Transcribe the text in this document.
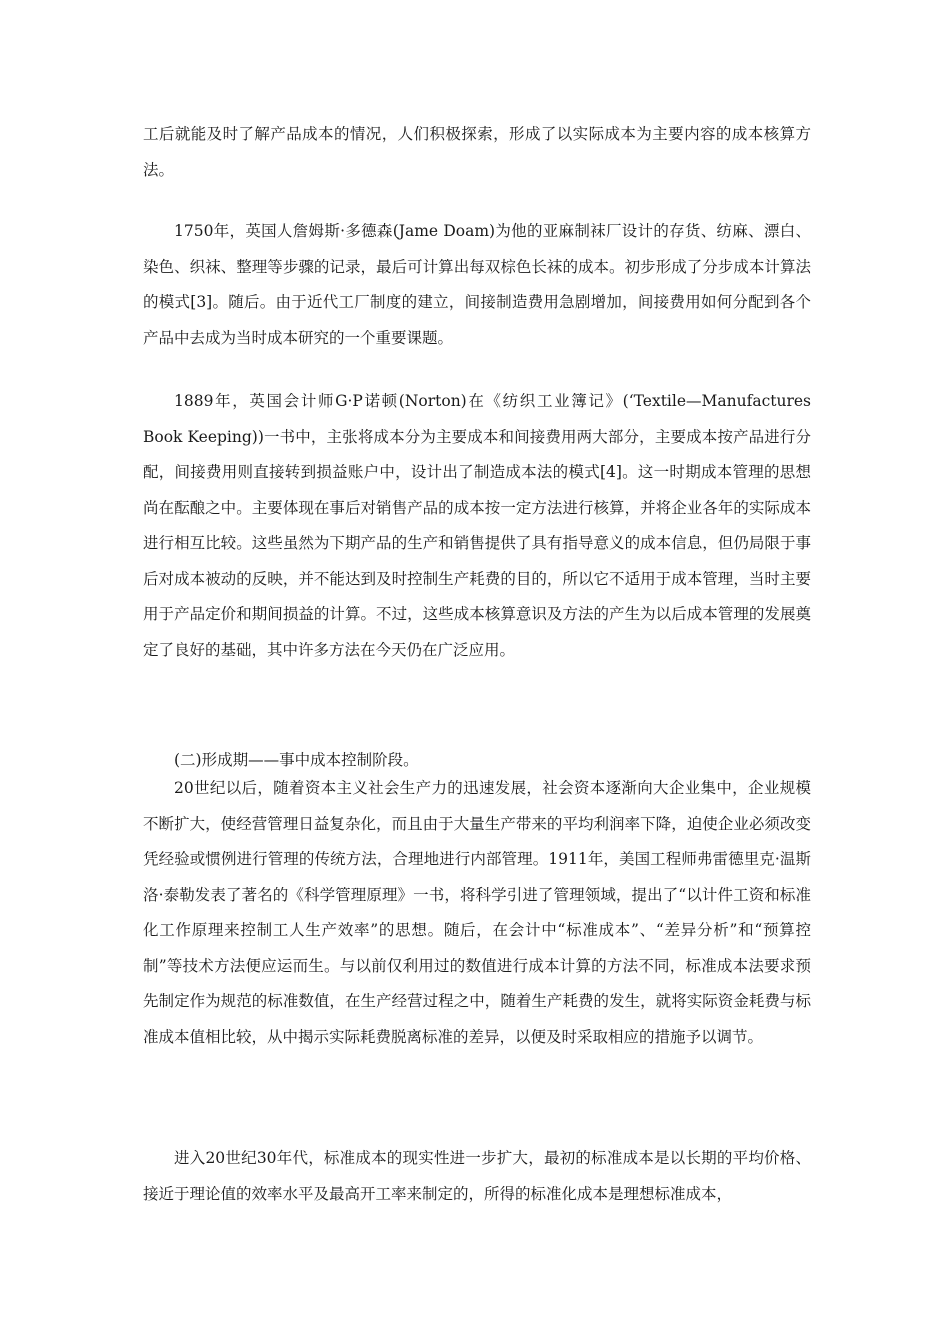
工后就能及时了解产品成本的情况，人们积极探索，形成了以实际成本为主要内容的成本核算方法。

1750年，英国人詹姆斯·多德森(Jame Doam)为他的亚麻制袜厂设计的存货、纺麻、漂白、染色、织袜、整理等步骤的记录，最后可计算出每双棕色长袜的成本。初步形成了分步成本计算法的模式[3]。随后。由于近代工厂制度的建立，间接制造费用急剧增加，间接费用如何分配到各个产品中去成为当时成本研究的一个重要课题。

1889年，英国会计师G·P诺顿(Norton)在《纺织工业簿记》(‘Textile—Manufactures Book Keeping))一书中，主张将成本分为主要成本和间接费用两大部分，主要成本按产品进行分配，间接费用则直接转到损益账户中，设计出了制造成本法的模式[4]。这一时期成本管理的思想尚在酝酿之中。主要体现在事后对销售产品的成本按一定方法进行核算，并将企业各年的实际成本进行相互比较。这些虽然为下期产品的生产和销售提供了具有指导意义的成本信息，但仍局限于事后对成本被动的反映，并不能达到及时控制生产耗费的目的，所以它不适用于成本管理，当时主要用于产品定价和期间损益的计算。不过，这些成本核算意识及方法的产生为以后成本管理的发展奠定了良好的基础，其中许多方法在今天仍在广泛应用。

(二)形成期——事中成本控制阶段。

20世纪以后，随着资本主义社会生产力的迅速发展，社会资本逐渐向大企业集中，企业规模不断扩大，使经营管理日益复杂化，而且由于大量生产带来的平均利润率下降，迫使企业必须改变凭经验或惯例进行管理的传统方法，合理地进行内部管理。1911年，美国工程师弗雷德里克·温斯洛·泰勒发表了著名的《科学管理原理》一书，将科学引进了管理领域，提出了“以计件工资和标准化工作原理来控制工人生产效率”的思想。随后，在会计中“标准成本”、“差异分析”和“预算控制”等技术方法便应运而生。与以前仅利用过的数值进行成本计算的方法不同，标准成本法要求预先制定作为规范的标准数值，在生产经营过程之中，随着生产耗费的发生，就将实际资金耗费与标准成本值相比较，从中揭示实际耗费脱离标准的差异，以便及时采取相应的措施予以调节。

进入20世纪30年代，标准成本的现实性进一步扩大，最初的标准成本是以长期的平均价格、接近于理论值的效率水平及最高开工率来制定的，所得的标准化成本是理想标准成本，
